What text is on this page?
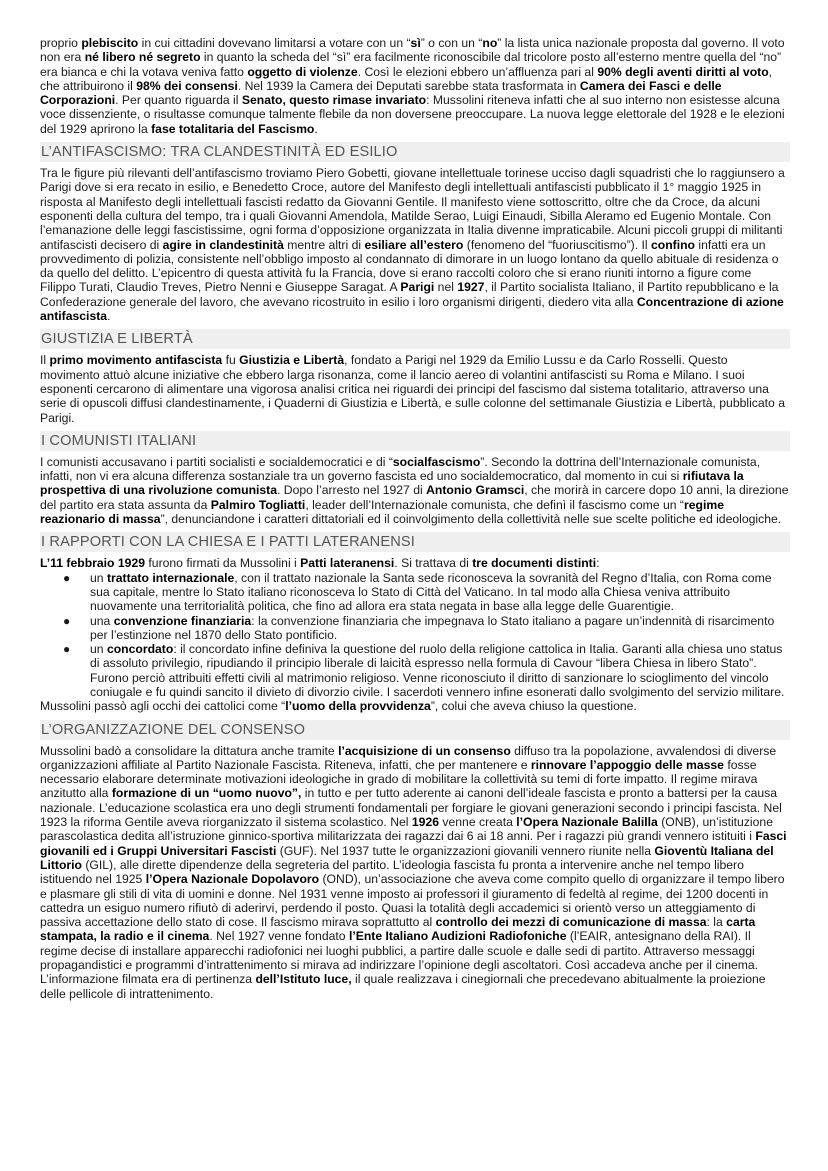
proprio plebiscito in cui cittadini dovevano limitarsi a votare con un “sì” o con un “no” la lista unica nazionale proposta dal governo. Il voto non era né libero né segreto in quanto la scheda del “sì” era facilmente riconoscibile dal tricolore posto all’esterno mentre quella del “no” era bianca e chi la votava veniva fatto oggetto di violenze. Così le elezioni ebbero un’affluenza pari al 90% degli aventi diritti al voto, che attribuirono il 98% dei consensi. Nel 1939 la Camera dei Deputati sarebbe stata trasformata in Camera dei Fasci e delle Corporazioni. Per quanto riguarda il Senato, questo rimase invariato: Mussolini riteneva infatti che al suo interno non esistesse alcuna voce dissenziente, o risultasse comunque talmente flebile da non doversene preoccupare. La nuova legge elettorale del 1928 e le elezioni del 1929 aprirono la fase totalitaria del Fascismo.

L’ANTIFASCISMO: TRA CLANDESTINITÀ ED ESILIO

Tra le figure più rilevanti dell’antifascismo troviamo Piero Gobetti, giovane intellettuale torinese ucciso dagli squadristi che lo raggiunsero a Parigi dove si era recato in esilio, e Benedetto Croce, autore del Manifesto degli intellettuali antifascisti pubblicato il 1° maggio 1925 in risposta al Manifesto degli intellettuali fascisti redatto da Giovanni Gentile. Il manifesto viene sottoscritto, oltre che da Croce, da alcuni esponenti della cultura del tempo, tra i quali Giovanni Amendola, Matilde Serao, Luigi Einaudi, Sibilla Aleramo ed Eugenio Montale. Con l’emanazione delle leggi fascistissime, ogni forma d’opposizione organizzata in Italia divenne impraticabile. Alcuni piccoli gruppi di militanti antifascisti decisero di agire in clandestinità mentre altri di esiliare all’estero (fenomeno del “fuoriuscitismo”). Il confino infatti era un provvedimento di polizia, consistente nell’obbligo imposto al condannato di dimorare in un luogo lontano da quello abituale di residenza o da quello del delitto. L’epicentro di questa attività fu la Francia, dove si erano raccolti coloro che si erano riuniti intorno a figure come Filippo Turati, Claudio Treves, Pietro Nenni e Giuseppe Saragat. A Parigi nel 1927, il Partito socialista Italiano, il Partito repubblicano e la Confederazione generale del lavoro, che avevano ricostruito in esilio i loro organismi dirigenti, diedero vita alla Concentrazione di azione antifascista.

GIUSTIZIA E LIBERTÀ

Il primo movimento antifascista fu Giustizia e Libertà, fondato a Parigi nel 1929 da Emilio Lussu e da Carlo Rosselli. Questo movimento attuò alcune iniziative che ebbero larga risonanza, come il lancio aereo di volantini antifascisti su Roma e Milano. I suoi esponenti cercarono di alimentare una vigorosa analisi critica nei riguardi dei principi del fascismo dal sistema totalitario, attraverso una serie di opuscoli diffusi clandestinamente, i Quaderni di Giustizia e Libertà, e sulle colonne del settimanale Giustizia e Libertà, pubblicato a Parigi.

I COMUNISTI ITALIANI

I comunisti accusavano i partiti socialisti e socialdemocratici e di “socialfascismo”. Secondo la dottrina dell’Internazionale comunista, infatti, non vi era alcuna differenza sostanziale tra un governo fascista ed uno socialdemocratico, dal momento in cui si rifiutava la prospettiva di una rivoluzione comunista. Dopo l’arresto nel 1927 di Antonio Gramsci, che morirà in carcere dopo 10 anni, la direzione del partito era stata assunta da Palmiro Togliatti, leader dell’Internazionale comunista, che definì il fascismo come un “regime reazionario di massa”, denunciandone i caratteri dittatoriali ed il coinvolgimento della collettività nelle sue scelte politiche ed ideologiche.

I RAPPORTI CON LA CHIESA E I PATTI LATERANENSI

L’11 febbraio 1929 furono firmati da Mussolini i Patti lateranensi. Si trattava di tre documenti distinti:

● un trattato internazionale, con il trattato nazionale la Santa sede riconosceva la sovranità del Regno d’Italia, con Roma come sua capitale, mentre lo Stato italiano riconosceva lo Stato di Città del Vaticano. In tal modo alla Chiesa veniva attribuito nuovamente una territorialità politica, che fino ad allora era stata negata in base alla legge delle Guarentigie.
● una convenzione finanziaria: la convenzione finanziaria che impegnava lo Stato italiano a pagare un’indennità di risarcimento per l’estinzione nel 1870 dello Stato pontificio.
● un concordato: il concordato infine definiva la questione del ruolo della religione cattolica in Italia. Garanti alla chiesa uno status di assoluto privilegio, ripudiando il principio liberale di laicità espresso nella formula di Cavour “libera Chiesa in libero Stato”. Furono perciò attribuiti effetti civili al matrimonio religioso. Venne riconosciuto il diritto di sanzionare lo scioglimento del vincolo coniugale e fu quindi sancito il divieto di divorzio civile. I sacerdoti vennero infine esonerati dallo svolgimento del servizio militare.

Mussolini passò agli occhi dei cattolici come “l’uomo della provvidenza”, colui che aveva chiuso la questione.

L’ORGANIZZAZIONE DEL CONSENSO

Mussolini badò a consolidare la dittatura anche tramite l’acquisizione di un consenso diffuso tra la popolazione, avvalendosi di diverse organizzazioni affiliate al Partito Nazionale Fascista. Riteneva, infatti, che per mantenere e rinnovare l’appoggio delle masse fosse necessario elaborare determinate motivazioni ideologiche in grado di mobilitare la collettività su temi di forte impatto. Il regime mirava anzitutto alla formazione di un “uomo nuovo”, in tutto e per tutto aderente ai canoni dell’ideale fascista e pronto a battersi per la causa nazionale. L’educazione scolastica era uno degli strumenti fondamentali per forgiare le giovani generazioni secondo i principi fascista. Nel 1923 la riforma Gentile aveva riorganizzato il sistema scolastico. Nel 1926 venne creata l’Opera Nazionale Balilla (ONB), un’istituzione parascolastica dedita all’istruzione ginnico-sportiva militarizzata dei ragazzi dai 6 ai 18 anni. Per i ragazzi più grandi vennero istituiti i Fasci giovanili ed i Gruppi Universitari Fascisti (GUF). Nel 1937 tutte le organizzazioni giovanili vennero riunite nella Gioventù Italiana del Littorio (GIL), alle dirette dipendenze della segreteria del partito. L’ideologia fascista fu pronta a intervenire anche nel tempo libero istituendo nel 1925 l’Opera Nazionale Dopolavoro (OND), un’associazione che aveva come compito quello di organizzare il tempo libero e plasmare gli stili di vita di uomini e donne. Nel 1931 venne imposto ai professori il giuramento di fedeltà al regime, dei 1200 docenti in cattedra un esiguo numero rifiutò di aderirvi, perdendo il posto. Quasi la totalità degli accademici si orientò verso un atteggiamento di passiva accettazione dello stato di cose. Il fascismo mirava soprattutto al controllo dei mezzi di comunicazione di massa: la carta stampata, la radio e il cinema. Nel 1927 venne fondato l’Ente Italiano Audizioni Radiofoniche (l’EAIR, antesignano della RAI). Il regime decise di installare apparecchi radiofonici nei luoghi pubblici, a partire dalle scuole e dalle sedi di partito. Attraverso messaggi propagandistici e programmi d’intrattenimento si mirava ad indirizzare l’opinione degli ascoltatori. Così accadeva anche per il cinema. L’informazione filmata era di pertinenza dell’Istituto luce, il quale realizzava i cinegiornali che precedevano abitualmente la proiezione delle pellicole di intrattenimento.
